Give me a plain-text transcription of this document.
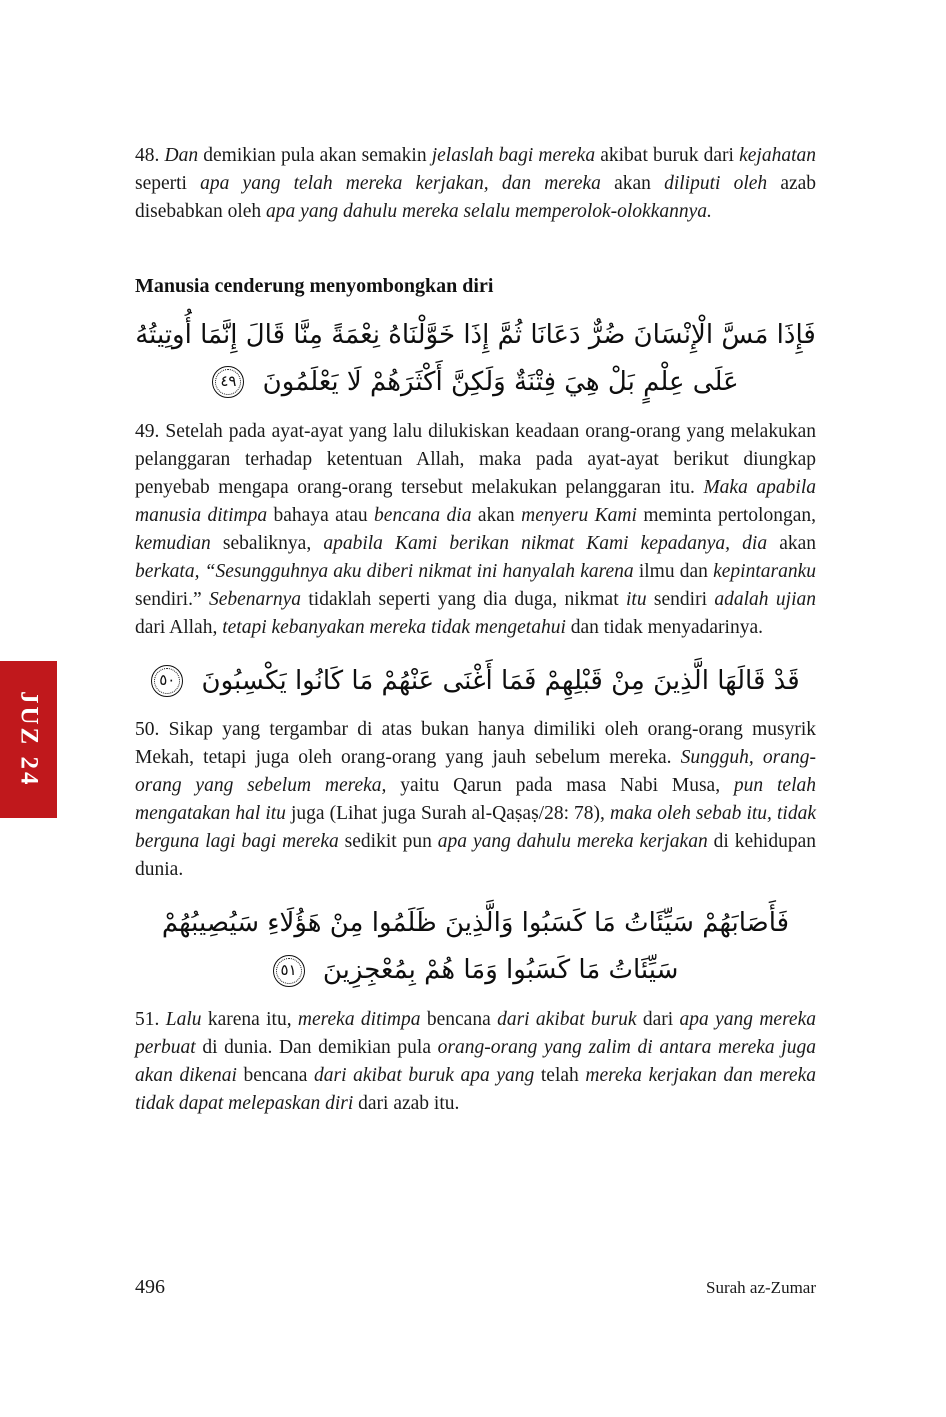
JUZ 24

48. Dan demikian pula akan semakin jelaslah bagi mereka akibat buruk dari kejahatan seperti apa yang telah mereka kerjakan, dan mereka akan diliputi oleh azab disebabkan oleh apa yang dahulu mereka selalu memperolok-olokkannya.

Manusia cenderung menyombongkan diri
فَإِذَا مَسَّ الْإِنْسَانَ ضُرٌّ دَعَانَا ثُمَّ إِذَا خَوَّلْنَاهُ نِعْمَةً مِنَّا قَالَ إِنَّمَا أُوتِيتُهُ عَلَى عِلْمٍ بَلْ هِيَ فِتْنَةٌ وَلَكِنَّ أَكْثَرَهُمْ لَا يَعْلَمُونَ ٤٩

49. Setelah pada ayat-ayat yang lalu dilukiskan keadaan orang-orang yang melakukan pelanggaran terhadap ketentuan Allah, maka pada ayat-ayat berikut diungkap penyebab mengapa orang-orang tersebut melakukan pelanggaran itu. Maka apabila manusia ditimpa bahaya atau bencana dia akan menyeru Kami meminta pertolongan, kemudian sebaliknya, apabila Kami berikan nikmat Kami kepadanya, dia akan berkata, “Sesungguhnya aku diberi nikmat ini hanyalah karena ilmu dan kepintaranku sendiri.” Sebenarnya tidaklah seperti yang dia duga, nikmat itu sendiri adalah ujian dari Allah, tetapi kebanyakan mereka tidak mengetahui dan tidak menyadarinya.

قَدْ قَالَهَا الَّذِينَ مِنْ قَبْلِهِمْ فَمَا أَغْنَى عَنْهُمْ مَا كَانُوا يَكْسِبُونَ ٥٠

50. Sikap yang tergambar di atas bukan hanya dimiliki oleh orang-orang musyrik Mekah, tetapi juga oleh orang-orang yang jauh sebelum mereka. Sungguh, orang-orang yang sebelum mereka, yaitu Qarun pada masa Nabi Musa, pun telah mengatakan hal itu juga (Lihat juga Surah al-Qaṣaṣ/28: 78), maka oleh sebab itu, tidak berguna lagi bagi mereka sedikit pun apa yang dahulu mereka kerjakan di kehidupan dunia.

فَأَصَابَهُمْ سَيِّئَاتُ مَا كَسَبُوا وَالَّذِينَ ظَلَمُوا مِنْ هَؤُلَاءِ سَيُصِيبُهُمْ سَيِّئَاتُ مَا كَسَبُوا وَمَا هُمْ بِمُعْجِزِينَ ٥١

51. Lalu karena itu, mereka ditimpa bencana dari akibat buruk dari apa yang mereka perbuat di dunia. Dan demikian pula orang-orang yang zalim di antara mereka juga akan dikenai bencana dari akibat buruk apa yang telah mereka kerjakan dan mereka tidak dapat melepaskan diri dari azab itu.

496	Surah az-Zumar
